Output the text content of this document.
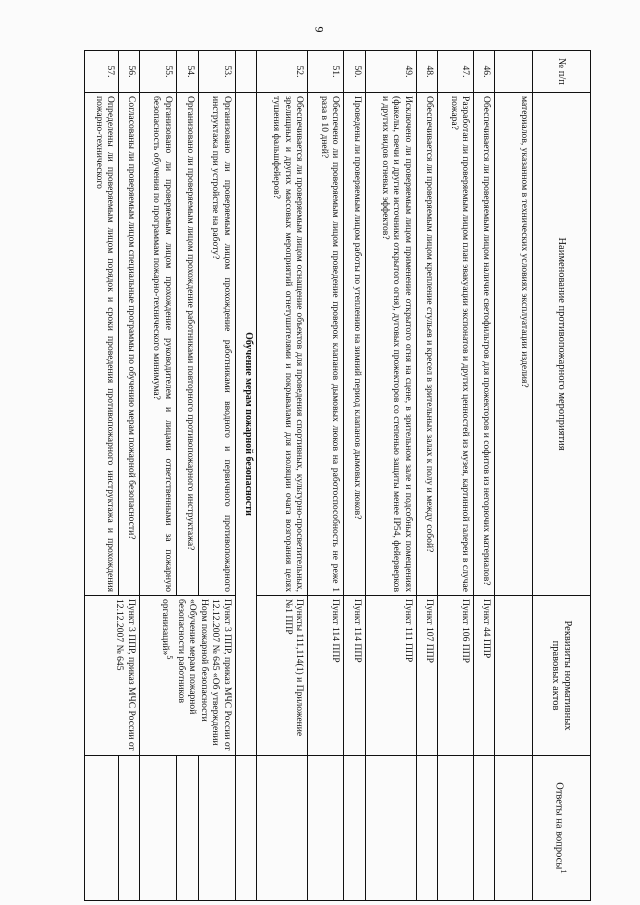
9
№ п/п	Наименование противопожарного мероприятия	Реквизиты нормативных правовых актов	Ответы на вопросы$^1$
	материалов, указанном в технических условиях эксплуатации изделия?		
46.	Обеспечивается ли проверяемым лицом наличие светофильтров для прожекторов и софитов из негорючих материалов?	Пункт 44 ППР	
47.	Разработан ли проверяемым лицом план эвакуации экспонатов и других ценностей из музея, картинной галереи в случае пожара?	Пункт 106 ППР	
48.	Обеспечивается ли проверяемым лицом крепление стульев и кресел в зрительных залах к полу и между собой?	Пункт 107 ППР	
49.	Исключено ли проверяемым лицом применение открытого огня на сцене, в зрительном зале и подсобных помещениях (факелы, свечи и другие источники открытого огня), дуговых прожекторов со степенью защиты менее IP54, фейерверков и других видов огневых эффектов?	Пункт 111 ППР	
50.	Проведены ли проверяемым лицом работы по утеплению на зимний период клапанов дымовых люков?	Пункт 114 ППР	
51.	Обеспечено ли проверяемым лицом проведение проверок клапанов дымовых люков на работоспособность не реже 1 раза в 10 дней?	Пункт 114 ППР	
52.	Обеспечивается ли проверяемым лицом оснащение объектов для проведения спортивных, культурно-просветительных, зрелищных и других массовых мероприятий огнетушителями и покрывалами для изоляции очага возгорания целях тушения фальшфейеров?	Пункты 111,114(1) и Приложение №1 ППР	
	Обучение мерам пожарной безопасности		
53.	Организовано ли проверяемым лицом прохождение работниками вводного и первичного противопожарного инструктажа при устройстве на работу?	Пункт 3 ППР, приказ МЧС России от 12.12.2007 № 645 «Об утверждении Норм пожарной безопасности «Обучение мерам пожарной безопасности работников организаций»$^5$	
54.	Организовано ли проверяемым лицом прохождение работниками повторного противопожарного инструктажа?		
55.	Организовано ли проверяемым лицом прохождение руководителем и лицами ответственными за пожарную безопасность обучения по программам пожарно-технического минимума?		
56.	Согласованы ли проверяемым лицом специальные программы по обучению мерам пожарной безопасности?	Пункт 3 ППР, приказ МЧС России от 12.12.2007 № 645	
57.	Определены ли проверяемым лицом порядок и сроки проведения противопожарного инструктажа и прохождения пожарно-технического		
